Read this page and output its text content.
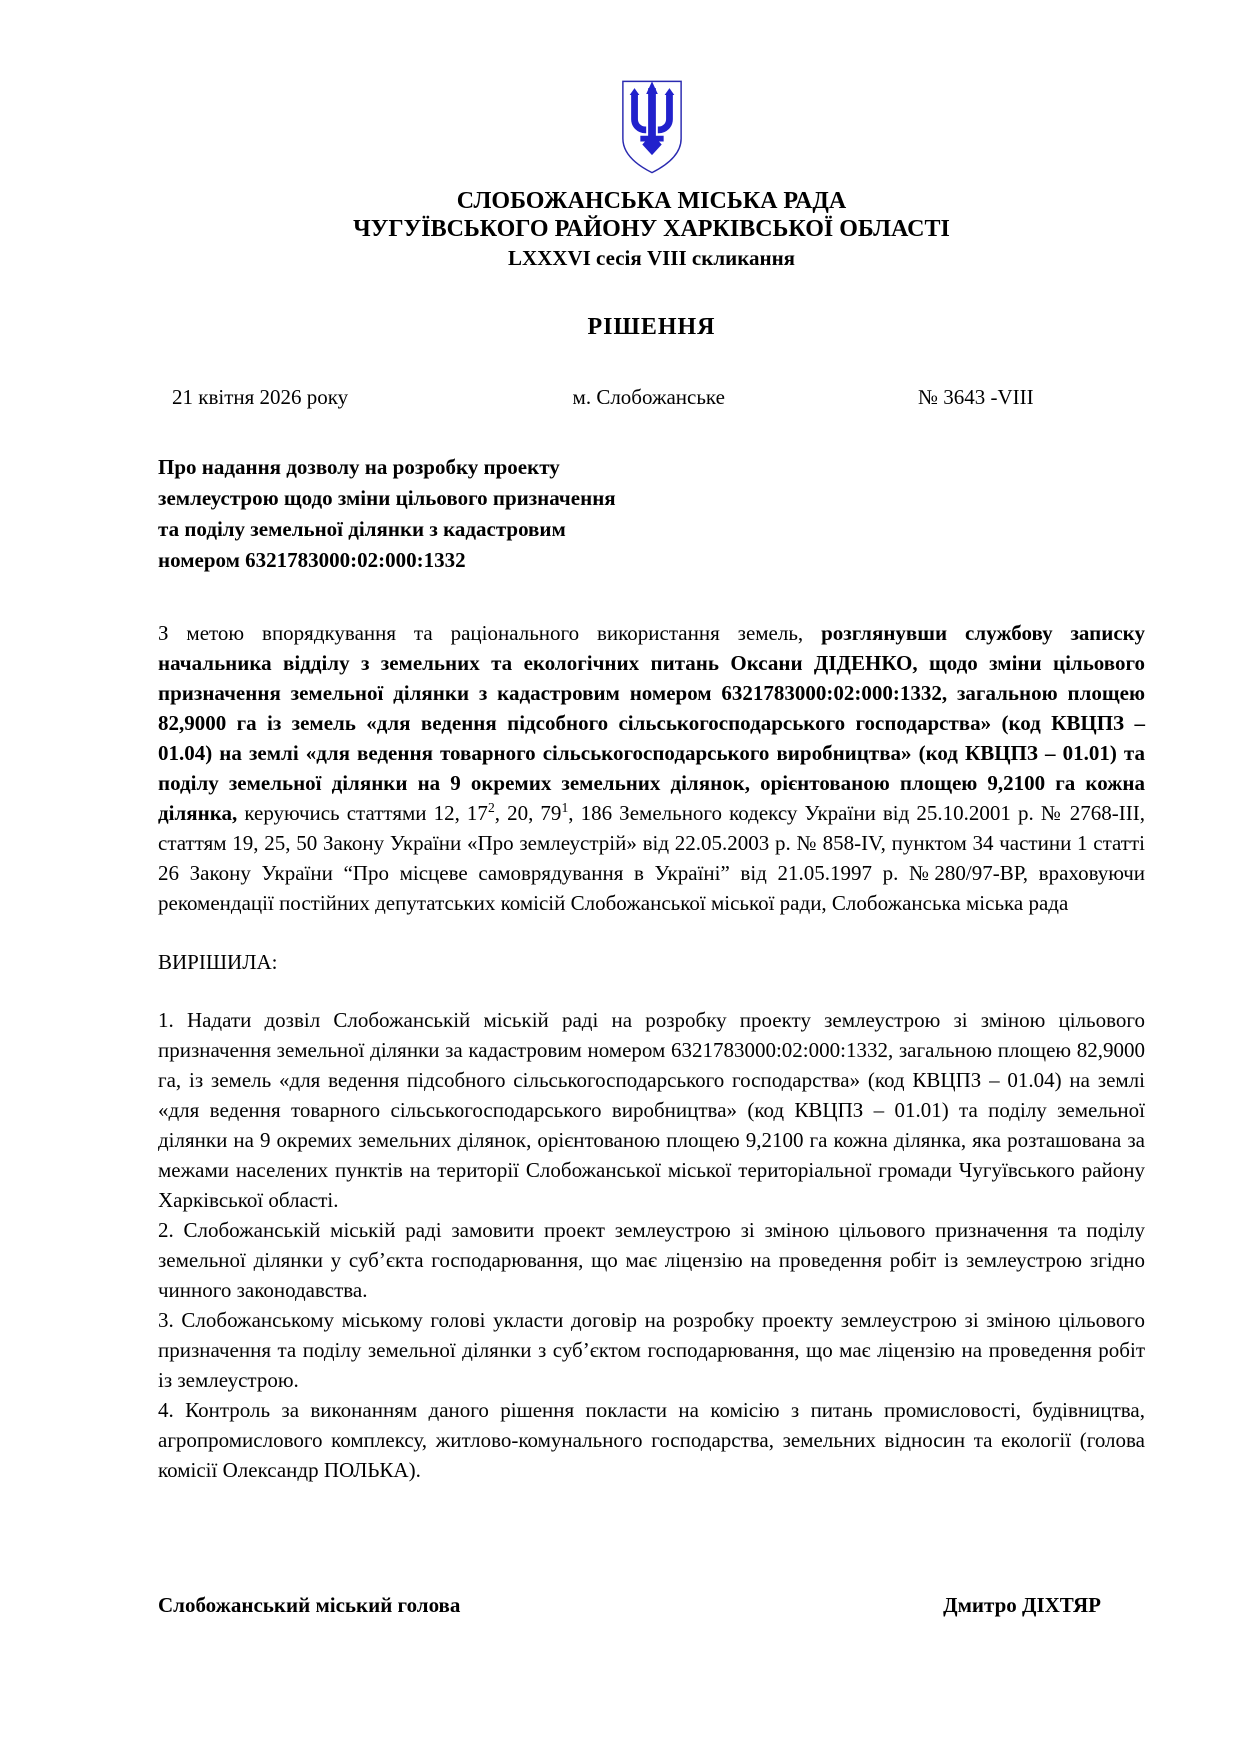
СЛОБОЖАНСЬКА МІСЬКА РАДА
ЧУГУЇВСЬКОГО РАЙОНУ ХАРКІВСЬКОЇ ОБЛАСТІ
LXXXVI сесія VIII скликання
РІШЕННЯ
21 квітня 2026 року	м. Слобожанське	№ 3643 -VIII
Про надання дозволу на розробку проекту
землеустрою щодо зміни цільового призначення
та поділу земельної ділянки з кадастровим
номером 6321783000:02:000:1332

З метою впорядкування та раціонального використання земель, розглянувши службову записку начальника відділу з земельних та екологічних питань Оксани ДІДЕНКО, щодо зміни цільового призначення земельної ділянки з кадастровим номером 6321783000:02:000:1332, загальною площею 82,9000 га із земель «для ведення підсобного сільськогосподарського господарства» (код КВЦПЗ – 01.04) на землі «для ведення товарного сільськогосподарського виробництва» (код КВЦПЗ – 01.01) та поділу земельної ділянки на 9 окремих земельних ділянок, орієнтованою площею 9,2100 га кожна ділянка, керуючись статтями 12, $17^2$, 20, $79^1$, 186 Земельного кодексу України від 25.10.2001 р. № 2768-ІІІ, статтям 19, 25, 50 Закону України «Про землеустрій» від 22.05.2003 р. № 858-ІV, пунктом 34 частини 1 статті 26 Закону України “Про місцеве самоврядування в Україні” від 21.05.1997 р. №280/97-ВР, враховуючи рекомендації постійних депутатських комісій Слобожанської міської ради, Слобожанська міська рада

ВИРІШИЛА:

1. Надати дозвіл Слобожанській міській раді на розробку проекту землеустрою зі зміною цільового призначення земельної ділянки за кадастровим номером 6321783000:02:000:1332, загальною площею 82,9000 га, із земель «для ведення підсобного сільськогосподарського господарства» (код КВЦПЗ – 01.04) на землі «для ведення товарного сільськогосподарського виробництва» (код КВЦПЗ – 01.01) та поділу земельної ділянки на 9 окремих земельних ділянок, орієнтованою площею 9,2100 га кожна ділянка, яка розташована за межами населених пунктів на території Слобожанської міської територіальної громади Чугуївського району Харківської області.

2. Слобожанській міській раді замовити проект землеустрою зі зміною цільового призначення та поділу земельної ділянки у суб’єкта господарювання, що має ліцензію на проведення робіт із землеустрою згідно чинного законодавства.

3. Слобожанському міському голові укласти договір на розробку проекту землеустрою зі зміною цільового призначення та поділу земельної ділянки з суб’єктом господарювання, що має ліцензію на проведення робіт із землеустрою.

4. Контроль за виконанням даного рішення покласти на комісію з питань промисловості, будівництва, агропромислового комплексу, житлово-комунального господарства, земельних відносин та екології (голова комісії Олександр ПОЛЬКА).

Слобожанський міський голова	Дмитро ДІХТЯР
